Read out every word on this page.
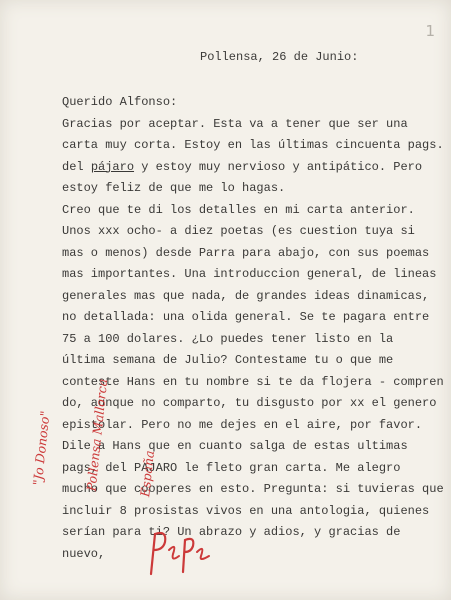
1
Pollensa, 26 de Junio:
Querido Alfonso:
Gracias por aceptar. Esta va a tener que ser una
carta muy corta. Estoy en las últimas cincuenta pags.
del pájaro y estoy muy nervioso y antipático. Pero
estoy feliz de que me lo hagas.
Creo que te di los detalles en mi carta anterior.
Unos xxx ocho- a diez poetas (es cuestion tuya si
mas o menos) desde Parra para abajo, con sus poemas
mas importantes. Una introduccion general, de lineas
generales mas que nada, de grandes ideas dinamicas,
no detallada: una olida general. Se te pagara entre
75 a 100 dolares. ¿Lo puedes tener listo en la
última semana de Julio? Contestame tu o que me
conteste Hans en tu nombre si te da flojera - compren
do, aunque no comparto, tu disgusto por xx el genero
epistolar. Pero no me dejes en el aire, por favor.
Dile a Hans que en cuanto salga de estas ultimas
pags, del PAJARO le fleto gran carta. Me alegro
mucho que cooperes en esto. Pregunta: si tuvieras que
incluir 8 prosistas vivos en una antologia, quienes
serían para ti? Un abrazo y adios, y gracias de
nuevo,

"Jo Donoso"

	Pollensa Mallorca

	España
